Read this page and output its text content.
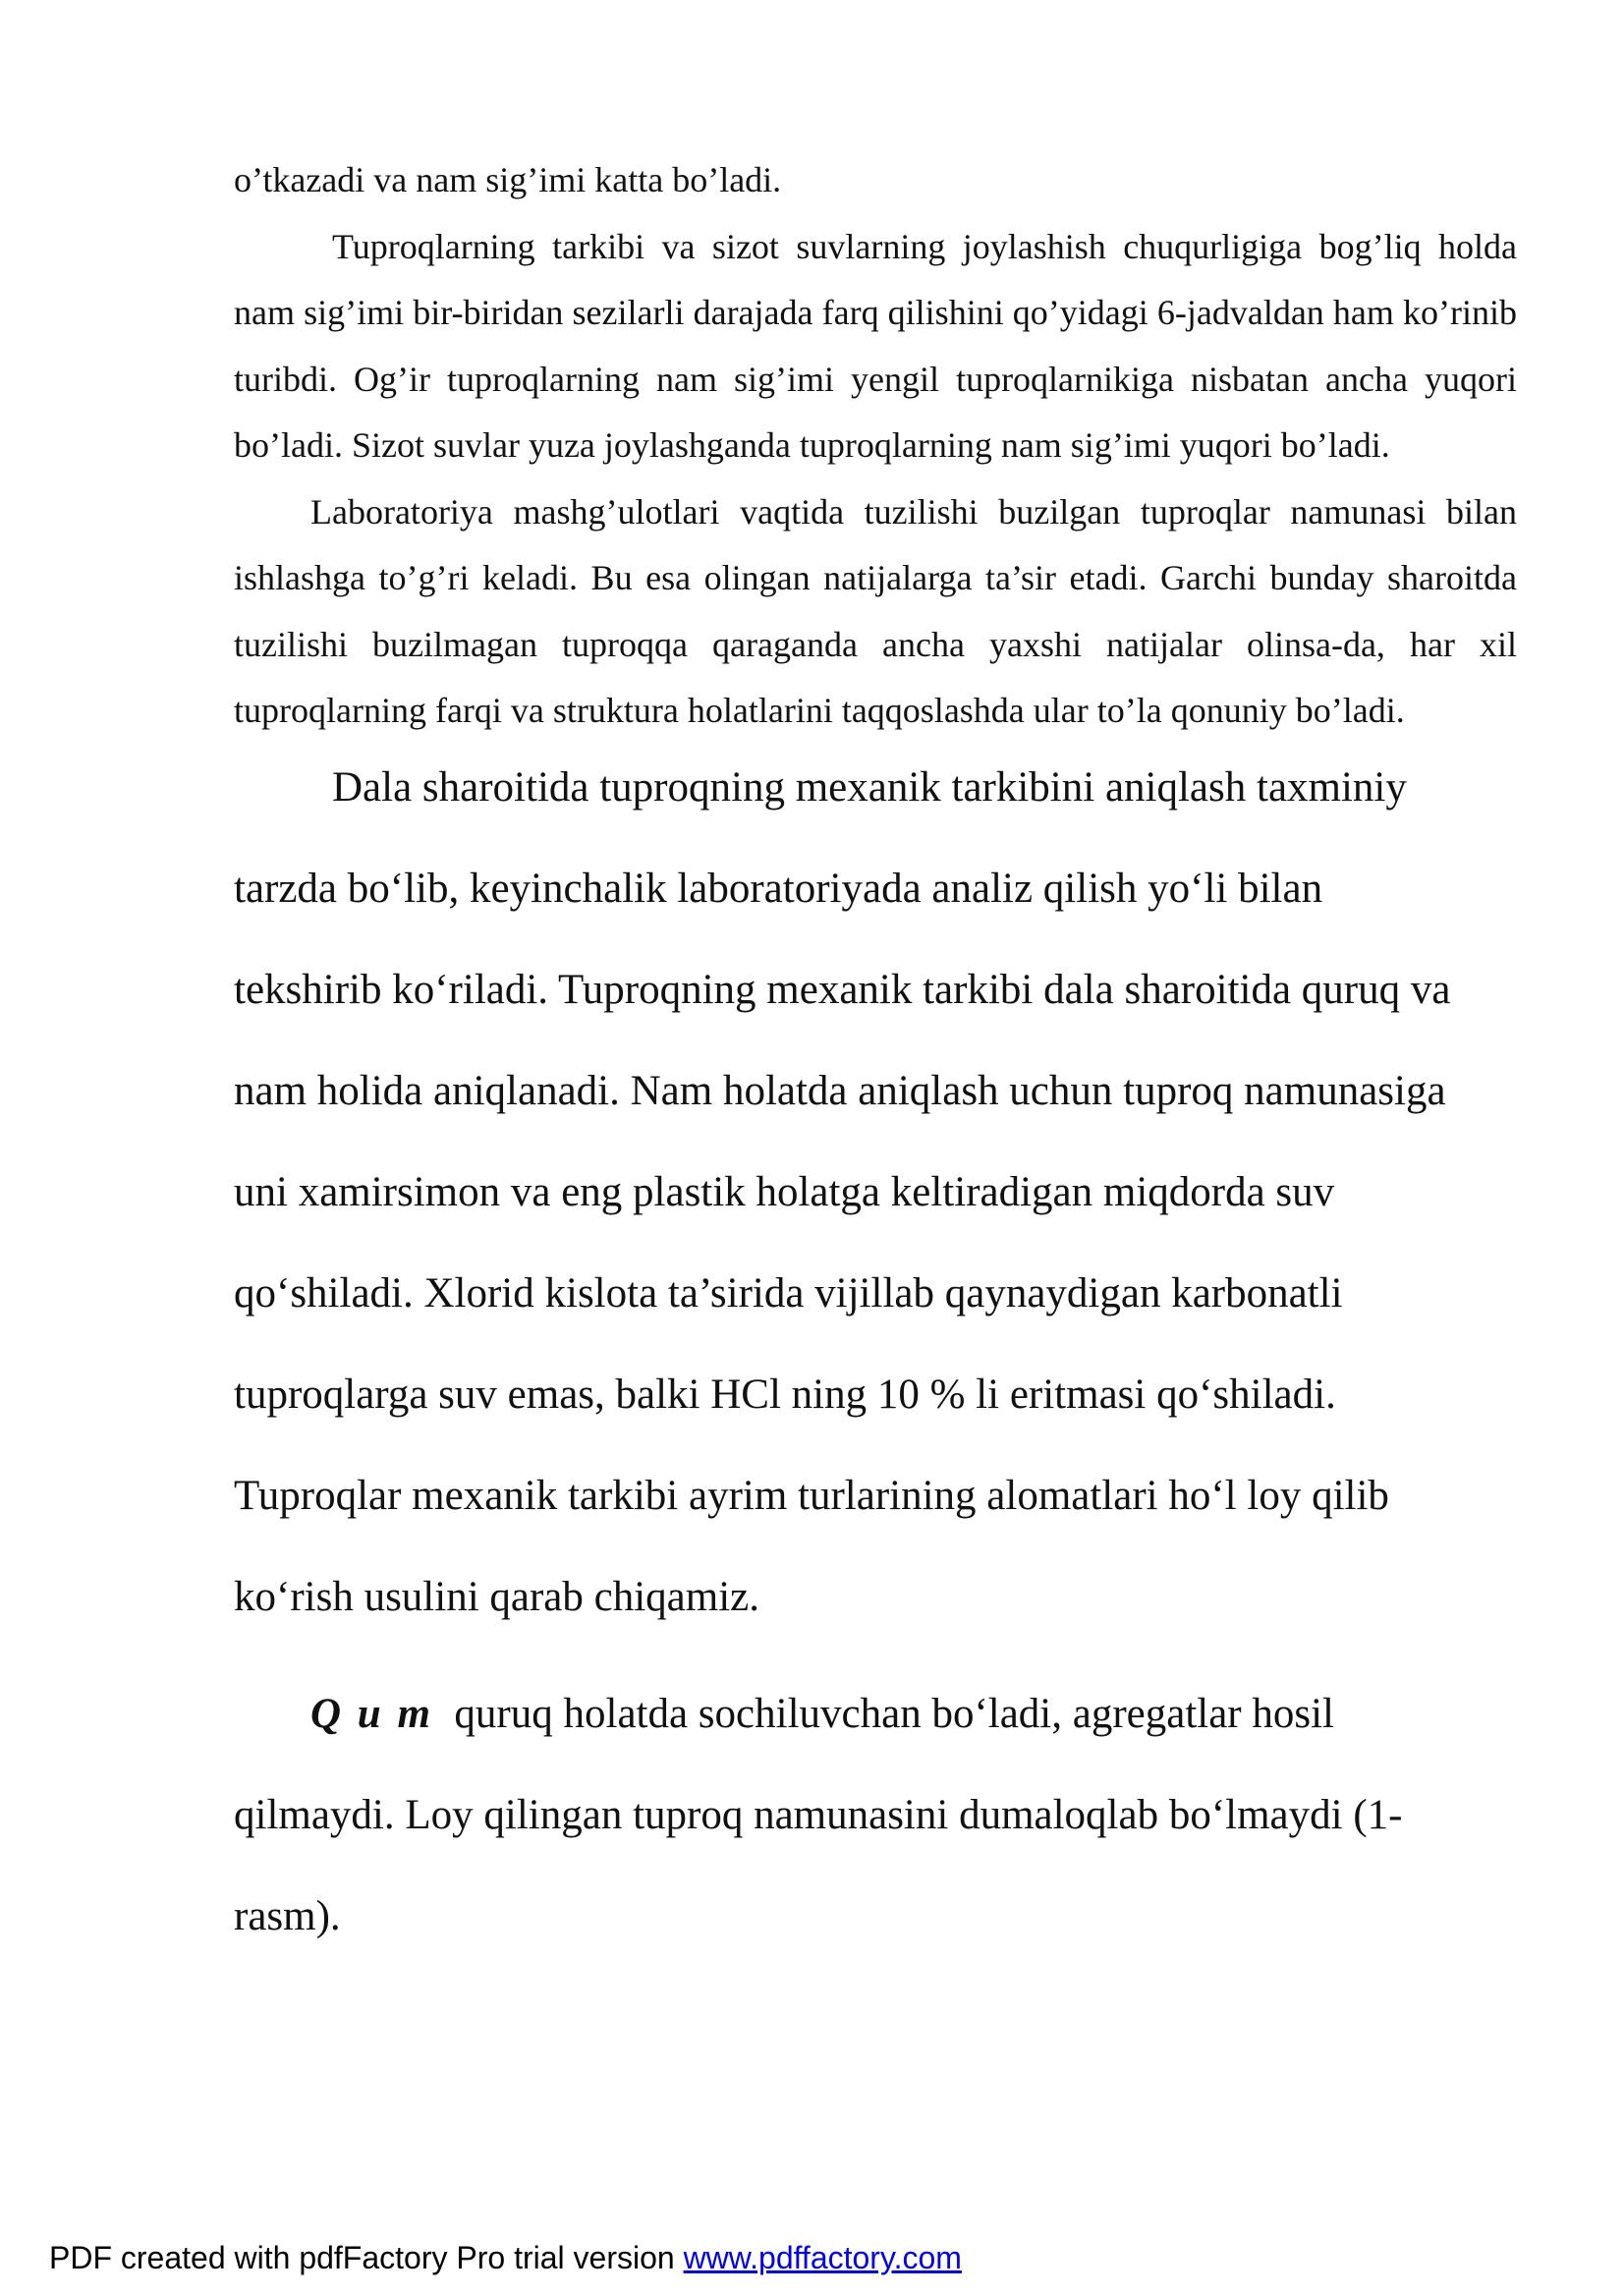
o’tkazadi va nam sig’imi katta bo’ladi.

Tuproqlarning tarkibi va sizot suvlarning joylashish chuqurligiga bog’liq holda nam sig’imi bir-biridan sezilarli darajada farq qilishini qo’yidagi 6-jadvaldan ham ko’rinib turibdi. Og’ir tuproqlarning nam sig’imi yengil tuproqlarnikiga nisbatan ancha yuqori bo’ladi. Sizot suvlar yuza joylashganda tuproqlarning nam sig’imi yuqori bo’ladi.

Laboratoriya mashg’ulotlari vaqtida tuzilishi buzilgan tuproqlar namunasi bilan ishlashga to’g’ri keladi. Bu esa olingan natijalarga ta’sir etadi. Garchi bunday sharoitda tuzilishi buzilmagan tuproqqa qaraganda ancha yaxshi natijalar olinsa-da, har xil tuproqlarning farqi va struktura holatlarini taqqoslashda ular to’la qonuniy bo’ladi.

Dala sharoitida tuproqning mexanik tarkibini aniqlash taxminiy
tarzda bo‘lib, keyinchalik laboratoriyada analiz qilish yo‘li bilan
tekshirib ko‘riladi. Tuproqning mexanik tarkibi dala sharoitida quruq va
nam holida aniqlanadi. Nam holatda aniqlash uchun tuproq namunasiga
uni xamirsimon va eng plastik holatga keltiradigan miqdorda suv
qo‘shiladi. Xlorid kislota ta’sirida vijillab qaynaydigan karbonatli
tuproqlarga suv emas, balki HCl ning 10 % li eritmasi qo‘shiladi.
Tuproqlar mexanik tarkibi ayrim turlarining alomatlari ho‘l loy qilib
ko‘rish usulini qarab chiqamiz.
Q u m  quruq holatda sochiluvchan bo‘ladi, agregatlar hosil
qilmaydi. Loy qilingan tuproq namunasini dumaloqlab bo‘lmaydi (1-
rasm).
PDF created with pdfFactory Pro trial version www.pdffactory.com
